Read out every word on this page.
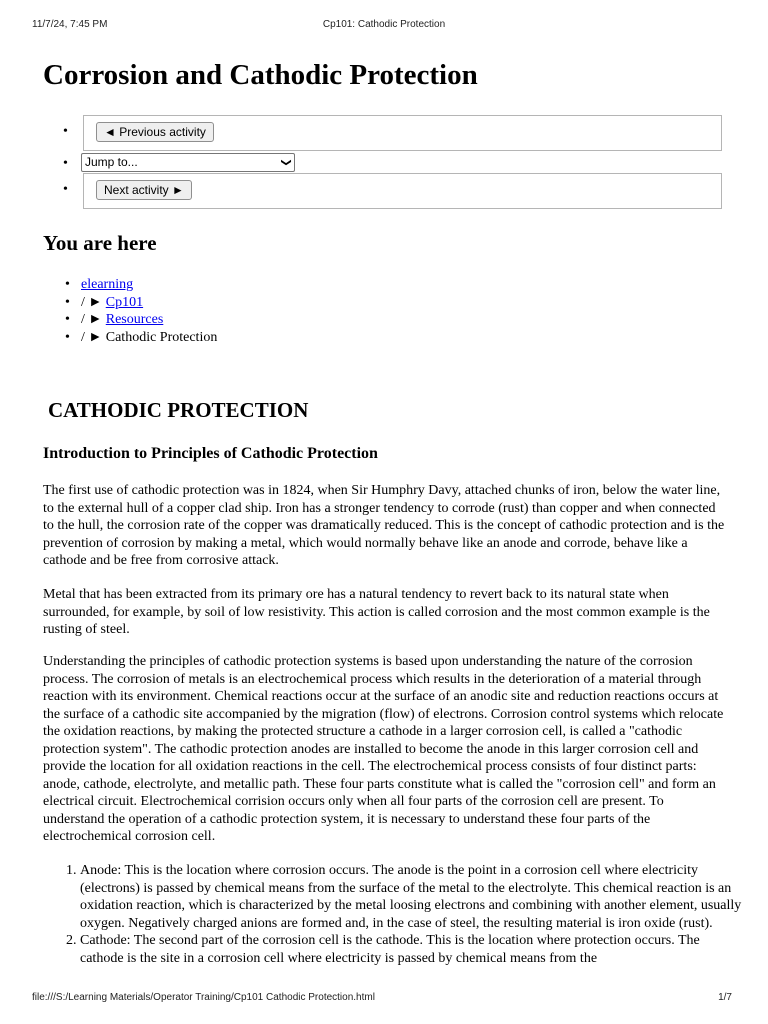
11/7/24, 7:45 PM	Cp101: Cathodic Protection
Corrosion and Cathodic Protection
•	◄ Previous activity
•	Jump to...	❯
•	Next activity ►
You are here
• elearning
• / ► Cp101
• / ► Resources
• / ► Cathodic Protection
CATHODIC PROTECTION
Introduction to Principles of Cathodic Protection

The first use of cathodic protection was in 1824, when Sir Humphry Davy, attached chunks of iron, below the water line, to the external hull of a copper clad ship. Iron has a stronger tendency to corrode (rust) than copper and when connected to the hull, the corrosion rate of the copper was dramatically reduced. This is the concept of cathodic protection and is the prevention of corrosion by making a metal, which would normally behave like an anode and corrode, behave like a cathode and be free from corrosive attack.

Metal that has been extracted from its primary ore has a natural tendency to revert back to its natural state when surrounded, for example, by soil of low resistivity. This action is called corrosion and the most common example is the rusting of steel.

Understanding the principles of cathodic protection systems is based upon understanding the nature of the corrosion process. The corrosion of metals is an electrochemical process which results in the deterioration of a material through reaction with its environment. Chemical reactions occur at the surface of an anodic site and reduction reactions occurs at the surface of a cathodic site accompanied by the migration (flow) of electrons. Corrosion control systems which relocate the oxidation reactions, by making the protected structure a cathode in a larger corrosion cell, is called a "cathodic protection system". The cathodic protection anodes are installed to become the anode in this larger corrosion cell and provide the location for all oxidation reactions in the cell. The electrochemical process consists of four distinct parts: anode, cathode, electrolyte, and metallic path. These four parts constitute what is called the "corrosion cell" and form an electrical circuit. Electrochemical corrision occurs only when all four parts of the corrosion cell are present. To understand the operation of a cathodic protection system, it is necessary to understand these four parts of the electrochemical corrosion cell.

1. Anode: This is the location where corrosion occurs. The anode is the point in a corrosion cell where electricity (electrons) is passed by chemical means from the surface of the metal to the electrolyte. This chemical reaction is an oxidation reaction, which is characterized by the metal loosing electrons and combining with another element, usually oxygen. Negatively charged anions are formed and, in the case of steel, the resulting material is iron oxide (rust).
2. Cathode: The second part of the corrosion cell is the cathode. This is the location where protection occurs. The cathode is the site in a corrosion cell where electricity is passed by chemical means from the
file:///S:/Learning Materials/Operator Training/Cp101 Cathodic Protection.html	1/7
